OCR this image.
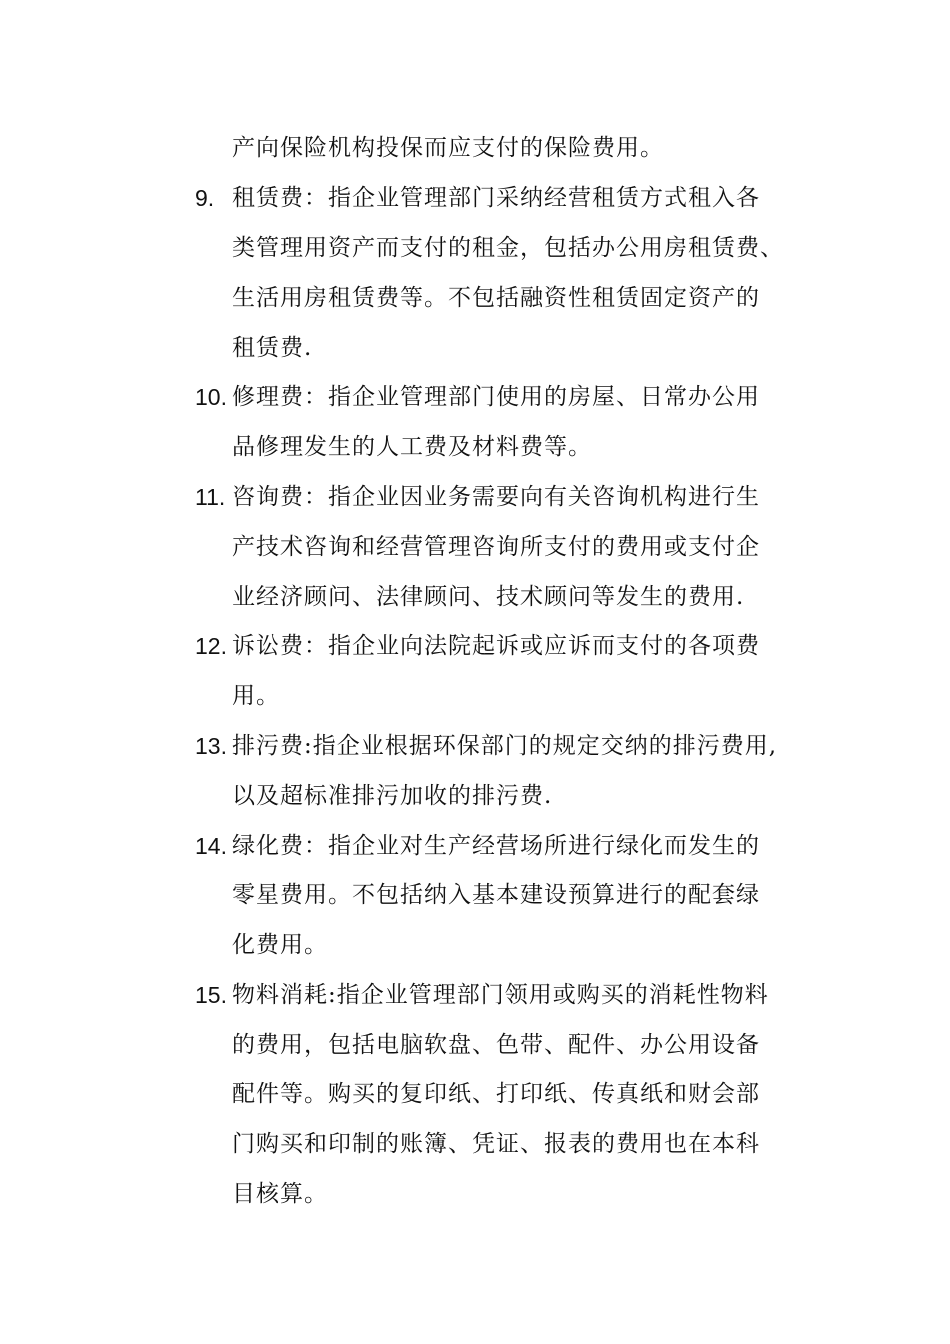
产向保险机构投保而应支付的保险费用。
9. 租赁费：指企业管理部门采纳经营租赁方式租入各
类管理用资产而支付的租金，包括办公用房租赁费、
生活用房租赁费等。不包括融资性租赁固定资产的
租赁费.
10. 修理费：指企业管理部门使用的房屋、日常办公用
品修理发生的人工费及材料费等。
11. 咨询费：指企业因业务需要向有关咨询机构进行生
产技术咨询和经营管理咨询所支付的费用或支付企
业经济顾问、法律顾问、技术顾问等发生的费用.
12. 诉讼费：指企业向法院起诉或应诉而支付的各项费
用。
13. 排污费:指企业根据环保部门的规定交纳的排污费用,
以及超标准排污加收的排污费.
14. 绿化费：指企业对生产经营场所进行绿化而发生的
零星费用。不包括纳入基本建设预算进行的配套绿
化费用。
15. 物料消耗:指企业管理部门领用或购买的消耗性物料
的费用，包括电脑软盘、色带、配件、办公用设备
配件等。购买的复印纸、打印纸、传真纸和财会部
门购买和印制的账簿、凭证、报表的费用也在本科
目核算。
